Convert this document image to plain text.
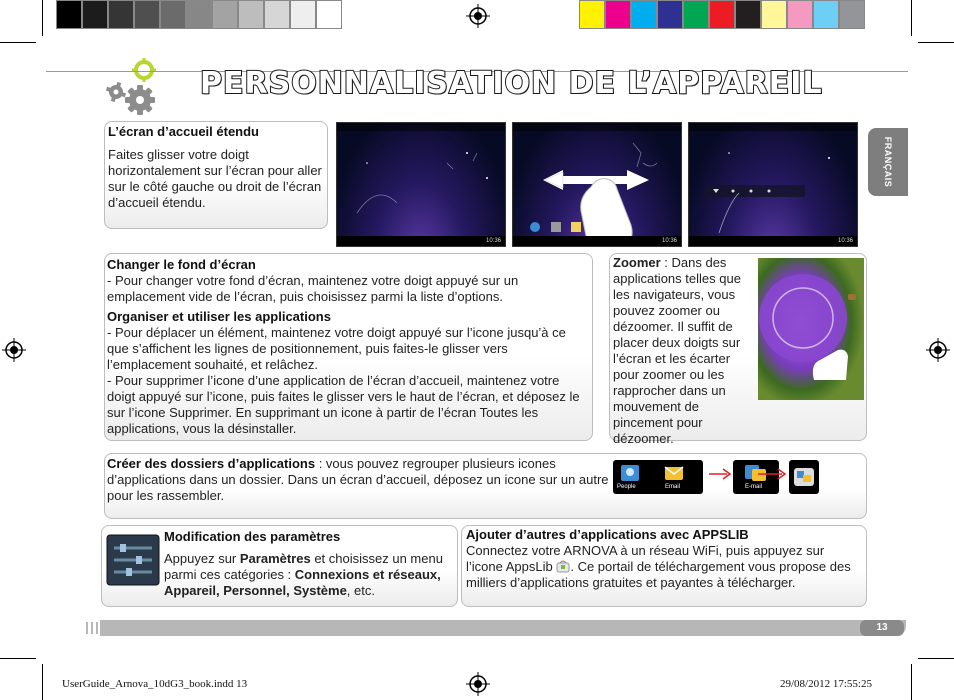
PERSONNALISATION DE L’APPAREIL
FRANÇAIS
L’écran d’accueil étendu
Faites glisser votre doigt horizontalement sur l’écran pour aller sur le côté gauche ou droit de l’écran d’accueil étendu.
10:36	10:36	10:36
Changer le fond d’écran
- Pour changer votre fond d’écran, maintenez votre doigt appuyé sur un emplacement vide de l’écran, puis choisissez parmi la liste d’options.
Organiser et utiliser les applications
- Pour déplacer un élément, maintenez votre doigt appuyé sur l’icone jusqu’à ce que s’affichent les lignes de positionnement, puis faites-le glisser vers l’emplacement souhaité, et relâchez.
- Pour supprimer l’icone d’une application de l’écran d’accueil, maintenez votre doigt appuyé sur l’icone, puis faites le glisser vers le haut de l’écran, et déposez le sur l’icone Supprimer. En supprimant un icone à partir de l’écran Toutes les applications, vous la désinstaller.
Zoomer : Dans des applications telles que les navigateurs, vous pouvez zoomer ou dézoomer. Il suffit de placer deux doigts sur l’écran et les écarter pour zoomer ou les rapprocher dans un mouvement de pincement pour dézoomer.
Créer des dossiers d’applications : vous pouvez regrouper plusieurs icones d’applications dans un dossier. Dans un écran d’accueil, déposez un icone sur un autre pour les rassembler.
People	Email	E-mail
Modification des paramètres
Appuyez sur Paramètres et choisissez un menu parmi ces catégories : Connexions et réseaux, Appareil, Personnel, Système, etc.
Ajouter d’autres d’applications avec APPSLIB
Connectez votre ARNOVA à un réseau WiFi, puis appuyez sur l’icone AppsLib . Ce portail de téléchargement vous propose des milliers d’applications gratuites et payantes à télécharger.
13
UserGuide_Arnova_10dG3_book.indd 13	29/08/2012 17:55:25
